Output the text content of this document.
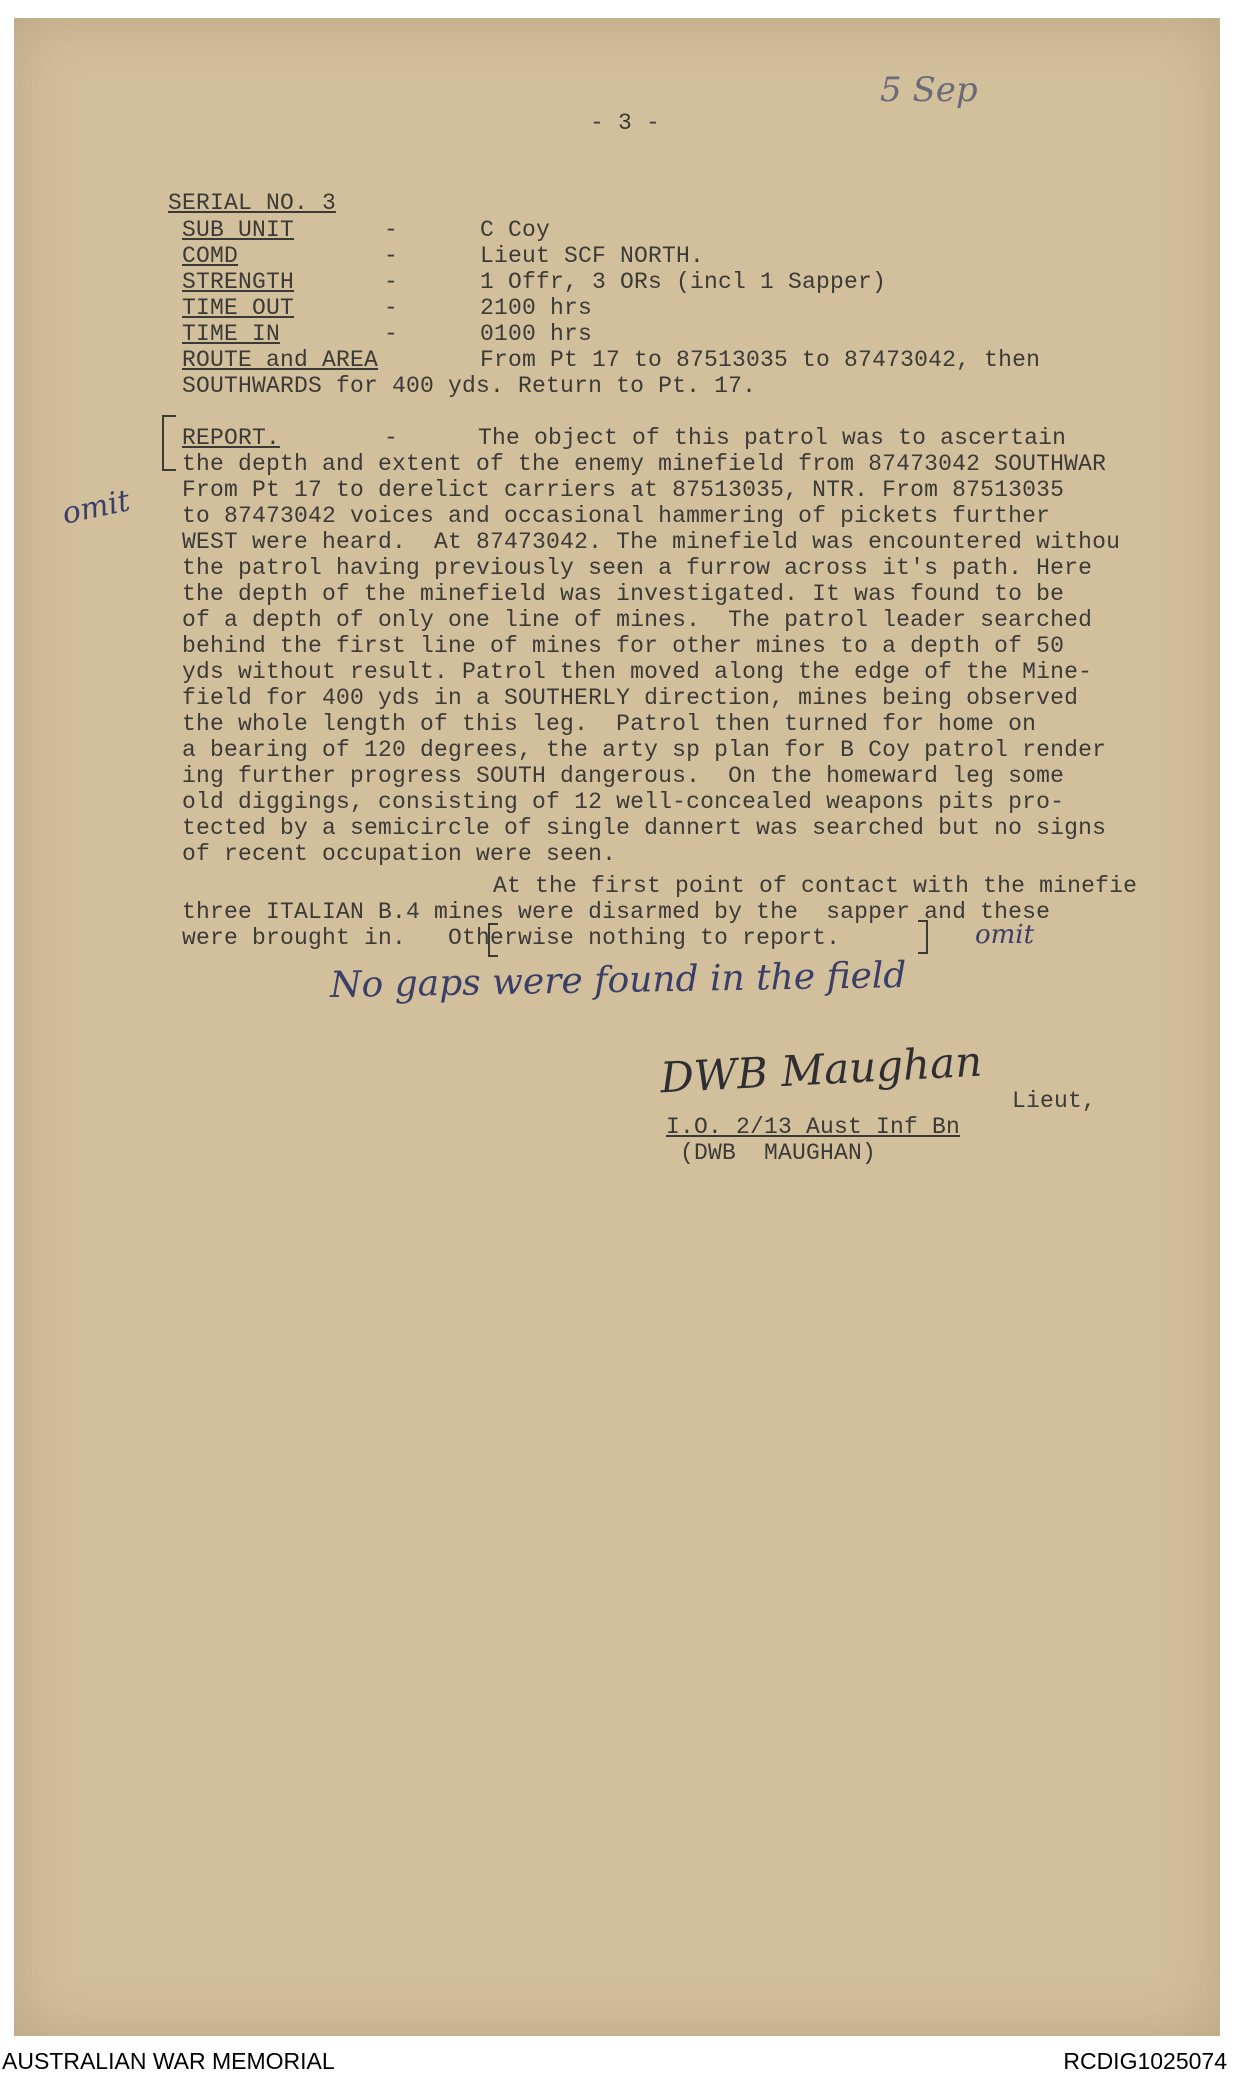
- 3 -
5 Sep
SERIAL NO. 3
SUB UNIT	-	C Coy
COMD	-	Lieut SCF NORTH.
STRENGTH	-	1 Offr, 3 ORs (incl 1 Sapper)
TIME OUT	-	2100 hrs
TIME IN	-	0100 hrs
ROUTE and AREA	From Pt 17 to 87513035 to 87473042, then
SOUTHWARDS for 400 yds. Return to Pt. 17.
REPORT.	-	The object of this patrol was to ascertain
the depth and extent of the enemy minefield from 87473042 SOUTHWAR
From Pt 17 to derelict carriers at 87513035, NTR. From 87513035
to 87473042 voices and occasional hammering of pickets further
WEST were heard.  At 87473042. The minefield was encountered withou
the patrol having previously seen a furrow across it's path. Here
the depth of the minefield was investigated. It was found to be
of a depth of only one line of mines.  The patrol leader searched
behind the first line of mines for other mines to a depth of 50
yds without result. Patrol then moved along the edge of the Mine-
field for 400 yds in a SOUTHERLY direction, mines being observed
the whole length of this leg.  Patrol then turned for home on
a bearing of 120 degrees, the arty sp plan for B Coy patrol render
ing further progress SOUTH dangerous.  On the homeward leg some
old diggings, consisting of 12 well-concealed weapons pits pro-
tected by a semicircle of single dannert was searched but no signs
of recent occupation were seen.
At the first point of contact with the minefie
three ITALIAN B.4 mines were disarmed by the  sapper and these
were brought in.   Otherwise nothing to report.
omit
omit
No gaps were found in the field
DWB Maughan Lieut,
I.O. 2/13 Aust Inf Bn
(DWB  MAUGHAN)
AUSTRALIAN WAR MEMORIAL	RCDIG1025074
